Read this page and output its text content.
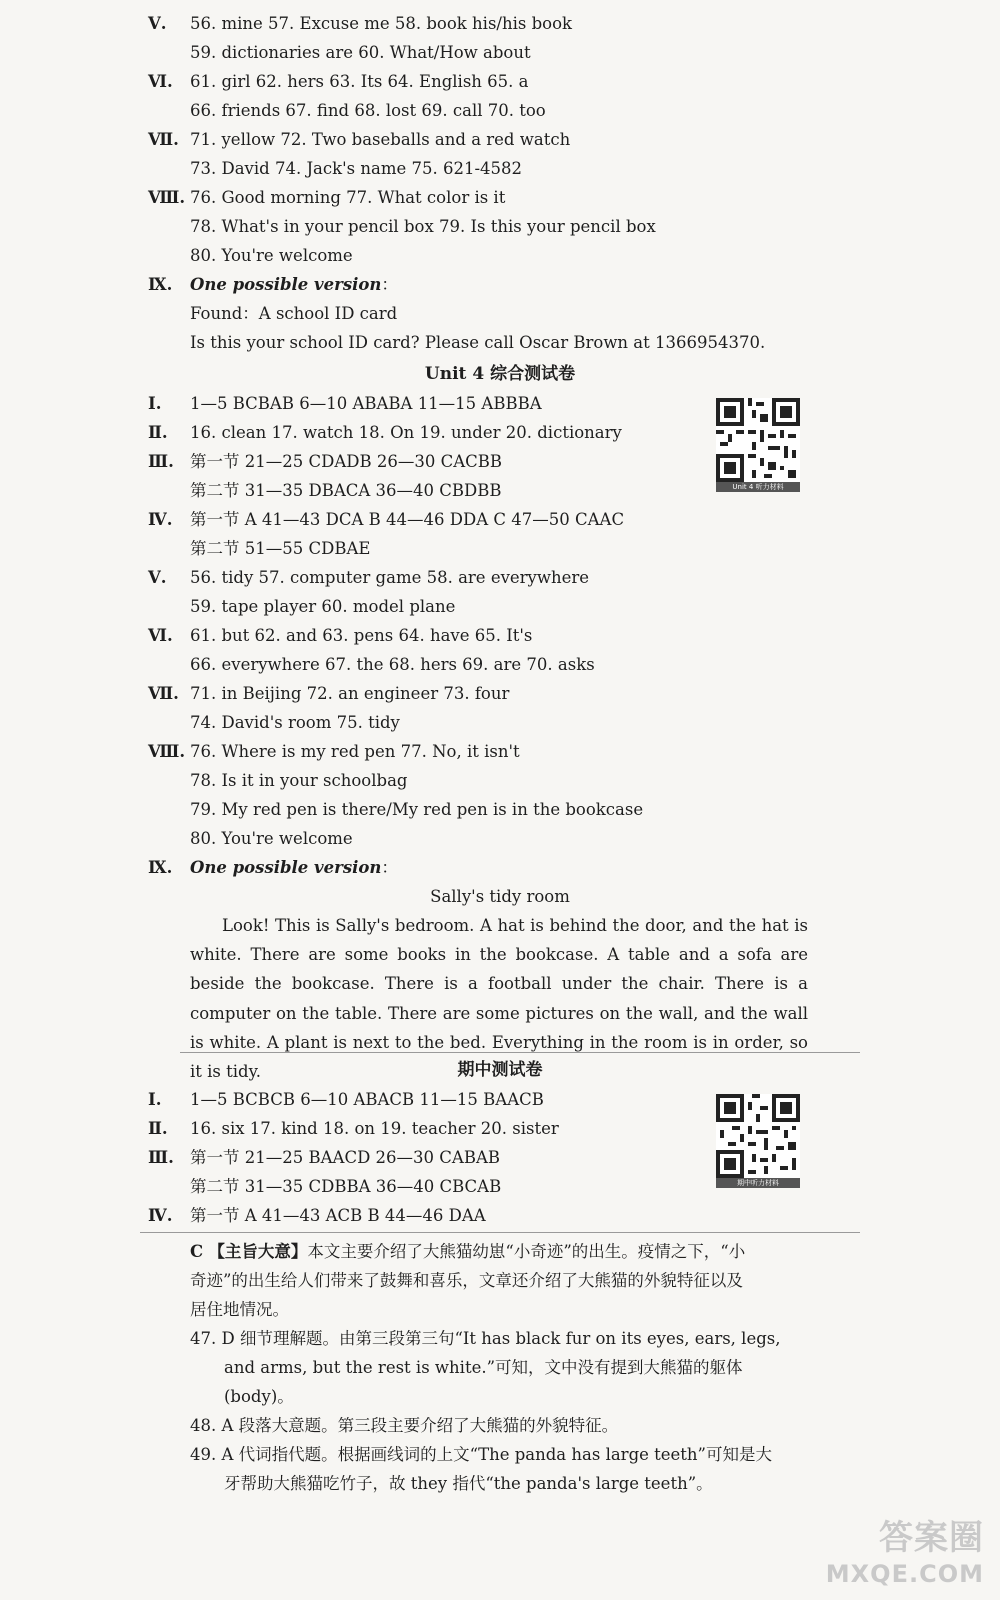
Ⅴ. 56. mine 57. Excuse me 58. book his/his book
59. dictionaries are 60. What/How about
Ⅵ. 61. girl 62. hers 63. Its 64. English 65. a
66. friends 67. find 68. lost 69. call 70. too
Ⅶ. 71. yellow 72. Two baseballs and a red watch
73. David 74. Jack's name 75. 621-4582
Ⅷ. 76. Good morning 77. What color is it
78. What's in your pencil box 79. Is this your pencil box
80. You're welcome
Ⅸ. One possible version：
Found：A school ID card
Is this your school ID card? Please call Oscar Brown at 1366954370.
Unit 4 综合测试卷
Unit 4 听力材料
Ⅰ. 1—5 BCBAB 6—10 ABABA 11—15 ABBBA
Ⅱ. 16. clean 17. watch 18. On 19. under 20. dictionary
Ⅲ. 第一节 21—25 CDADB 26—30 CACBB
第二节 31—35 DBACA 36—40 CBDBB
Ⅳ. 第一节 A 41—43 DCA B 44—46 DDA C 47—50 CAAC
第二节 51—55 CDBAE
Ⅴ. 56. tidy 57. computer game 58. are everywhere
59. tape player 60. model plane
Ⅵ. 61. but 62. and 63. pens 64. have 65. It's
66. everywhere 67. the 68. hers 69. are 70. asks
Ⅶ. 71. in Beijing 72. an engineer 73. four
74. David's room 75. tidy
Ⅷ. 76. Where is my red pen 77. No, it isn't
78. Is it in your schoolbag
79. My red pen is there/My red pen is in the bookcase
80. You're welcome
Ⅸ. One possible version：
Sally's tidy room
Look! This is Sally's bedroom. A hat is behind the door, and the hat is white. There are some books in the bookcase. A table and a sofa are beside the bookcase. There is a football under the chair. There is a computer on the table. There are some pictures on the wall, and the wall is white. A plant is next to the bed. Everything in the room is in order, so it is tidy.	期中测试卷
期中听力材料
Ⅰ. 1—5 BCBCB 6—10 ABACB 11—15 BAACB
Ⅱ. 16. six 17. kind 18. on 19. teacher 20. sister
Ⅲ. 第一节 21—25 BAACD 26—30 CABAB
第二节 31—35 CDBBA 36—40 CBCAB
Ⅳ. 第一节 A 41—43 ACB B 44—46 DAA
C 【主旨大意】本文主要介绍了大熊猫幼崽“小奇迹”的出生。疫情之下，“小
奇迹”的出生给人们带来了鼓舞和喜乐，文章还介绍了大熊猫的外貌特征以及
居住地情况。
47. D 细节理解题。由第三段第三句“It has black fur on its eyes, ears, legs,
and arms, but the rest is white.”可知，文中没有提到大熊猫的躯体
(body)。
48. A 段落大意题。第三段主要介绍了大熊猫的外貌特征。
49. A 代词指代题。根据画线词的上文“The panda has large teeth”可知是大
牙帮助大熊猫吃竹子，故 they 指代“the panda's large teeth”。
答案圈
MXQE.COM
